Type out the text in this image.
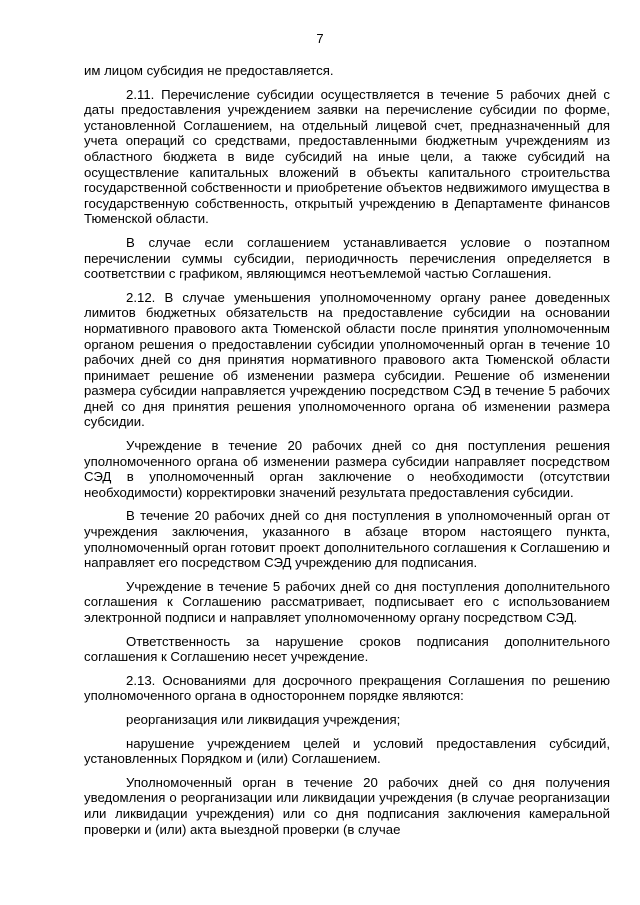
7

им лицом субсидия не предоставляется.

2.11. Перечисление субсидии осуществляется в течение 5 рабочих дней с даты предоставления учреждением заявки на перечисление субсидии по форме, установленной Соглашением, на отдельный лицевой счет, предназначенный для учета операций со средствами, предоставленными бюджетным учреждениям из областного бюджета в виде субсидий на иные цели, а также субсидий на осуществление капитальных вложений в объекты капитального строительства государственной собственности и приобретение объектов недвижимого имущества в государственную собственность, открытый учреждению в Департаменте финансов Тюменской области.

В случае если соглашением устанавливается условие о поэтапном перечислении суммы субсидии, периодичность перечисления определяется в соответствии с графиком, являющимся неотъемлемой частью Соглашения.

2.12. В случае уменьшения уполномоченному органу ранее доведенных лимитов бюджетных обязательств на предоставление субсидии на основании нормативного правового акта Тюменской области после принятия уполномоченным органом решения о предоставлении субсидии уполномоченный орган в течение 10 рабочих дней со дня принятия нормативного правового акта Тюменской области принимает решение об изменении размера субсидии. Решение об изменении размера субсидии направляется учреждению посредством СЭД в течение 5 рабочих дней со дня принятия решения уполномоченного органа об изменении размера субсидии.

Учреждение в течение 20 рабочих дней со дня поступления решения уполномоченного органа об изменении размера субсидии направляет посредством СЭД в уполномоченный орган заключение о необходимости (отсутствии необходимости) корректировки значений результата предоставления субсидии.

В течение 20 рабочих дней со дня поступления в уполномоченный орган от учреждения заключения, указанного в абзаце втором настоящего пункта, уполномоченный орган готовит проект дополнительного соглашения к Соглашению и направляет его посредством СЭД учреждению для подписания.

Учреждение в течение 5 рабочих дней со дня поступления дополнительного соглашения к Соглашению рассматривает, подписывает его с использованием электронной подписи и направляет уполномоченному органу посредством СЭД.

Ответственность за нарушение сроков подписания дополнительного соглашения к Соглашению несет учреждение.

2.13. Основаниями для досрочного прекращения Соглашения по решению уполномоченного органа в одностороннем порядке являются:

реорганизация или ликвидация учреждения;

нарушение учреждением целей и условий предоставления субсидий, установленных Порядком и (или) Соглашением.

Уполномоченный орган в течение 20 рабочих дней со дня получения уведомления о реорганизации или ликвидации учреждения (в случае реорганизации или ликвидации учреждения) или со дня подписания заключения камеральной проверки и (или) акта выездной проверки (в случае
